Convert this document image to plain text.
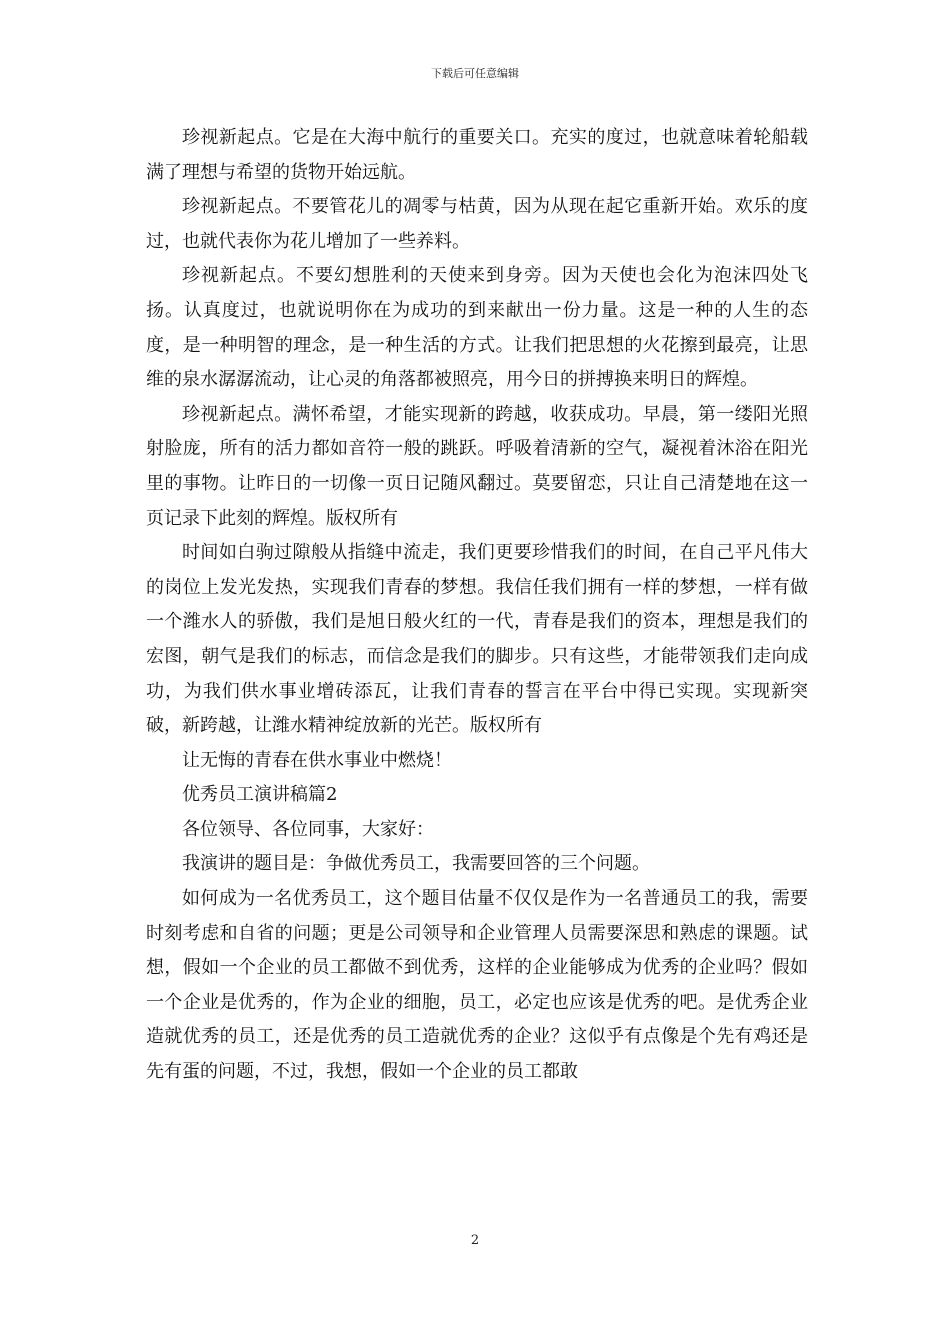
下载后可任意编辑

珍视新起点。它是在大海中航行的重要关口。充实的度过，也就意味着轮船载满了理想与希望的货物开始远航。

珍视新起点。不要管花儿的凋零与枯黄，因为从现在起它重新开始。欢乐的度过，也就代表你为花儿增加了一些养料。

珍视新起点。不要幻想胜利的天使来到身旁。因为天使也会化为泡沫四处飞扬。认真度过，也就说明你在为成功的到来献出一份力量。这是一种的人生的态度，是一种明智的理念，是一种生活的方式。让我们把思想的火花擦到最亮，让思维的泉水潺潺流动，让心灵的角落都被照亮，用今日的拼搏换来明日的辉煌。

珍视新起点。满怀希望，才能实现新的跨越，收获成功。早晨，第一缕阳光照射脸庞，所有的活力都如音符一般的跳跃。呼吸着清新的空气，凝视着沐浴在阳光里的事物。让昨日的一切像一页日记随风翻过。莫要留恋，只让自己清楚地在这一页记录下此刻的辉煌。版权所有

时间如白驹过隙般从指缝中流走，我们更要珍惜我们的时间，在自己平凡伟大的岗位上发光发热，实现我们青春的梦想。我信任我们拥有一样的梦想，一样有做一个潍水人的骄傲，我们是旭日般火红的一代，青春是我们的资本，理想是我们的宏图，朝气是我们的标志，而信念是我们的脚步。只有这些，才能带领我们走向成功，为我们供水事业增砖添瓦，让我们青春的誓言在平台中得已实现。实现新突破，新跨越，让潍水精神绽放新的光芒。版权所有

让无悔的青春在供水事业中燃烧！

优秀员工演讲稿篇2

各位领导、各位同事，大家好：

我演讲的题目是：争做优秀员工，我需要回答的三个问题。

如何成为一名优秀员工，这个题目估量不仅仅是作为一名普通员工的我，需要时刻考虑和自省的问题；更是公司领导和企业管理人员需要深思和熟虑的课题。试想，假如一个企业的员工都做不到优秀，这样的企业能够成为优秀的企业吗？假如一个企业是优秀的，作为企业的细胞，员工，必定也应该是优秀的吧。是优秀企业造就优秀的员工，还是优秀的员工造就优秀的企业？这似乎有点像是个先有鸡还是先有蛋的问题，不过，我想，假如一个企业的员工都敢

2
